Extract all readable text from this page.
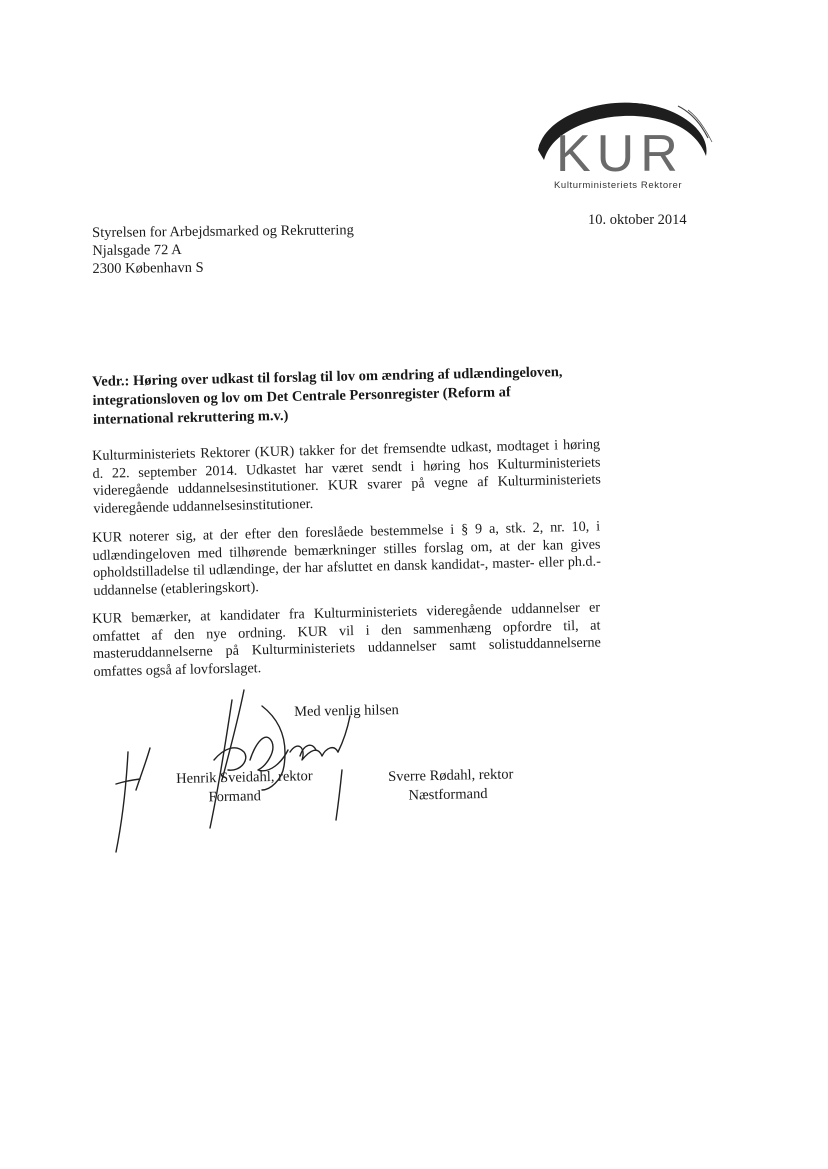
KUR
Kulturministeriets Rektorer
10. oktober 2014
Styrelsen for Arbejdsmarked og Rekruttering
Njalsgade 72 A
2300 København S
Vedr.: Høring over udkast til forslag til lov om ændring af udlændingeloven, integrationsloven og lov om Det Centrale Personregister (Reform af international rekruttering m.v.)

Kulturministeriets Rektorer (KUR) takker for det fremsendte udkast, modtaget i høring d. 22. september 2014. Udkastet har været sendt i høring hos Kulturministeriets videregående uddannelsesinstitutioner. KUR svarer på vegne af Kulturministeriets videregående uddannelsesinstitutioner.

KUR noterer sig, at der efter den foreslåede bestemmelse i § 9 a, stk. 2, nr. 10, i udlændingeloven med tilhørende bemærkninger stilles forslag om, at der kan gives opholdstilladelse til udlændinge, der har afsluttet en dansk kandidat-, master- eller ph.d.-uddannelse (etableringskort).

KUR bemærker, at kandidater fra Kulturministeriets videregående uddannelser er omfattet af den nye ordning. KUR vil i den sammenhæng opfordre til, at masteruddannelserne på Kulturministeriets uddannelser samt solistuddannelserne omfattes også af lovforslaget.

Med venlig hilsen
Henrik Sveidahl, rektor
Formand
Sverre Rødahl, rektor
Næstformand
